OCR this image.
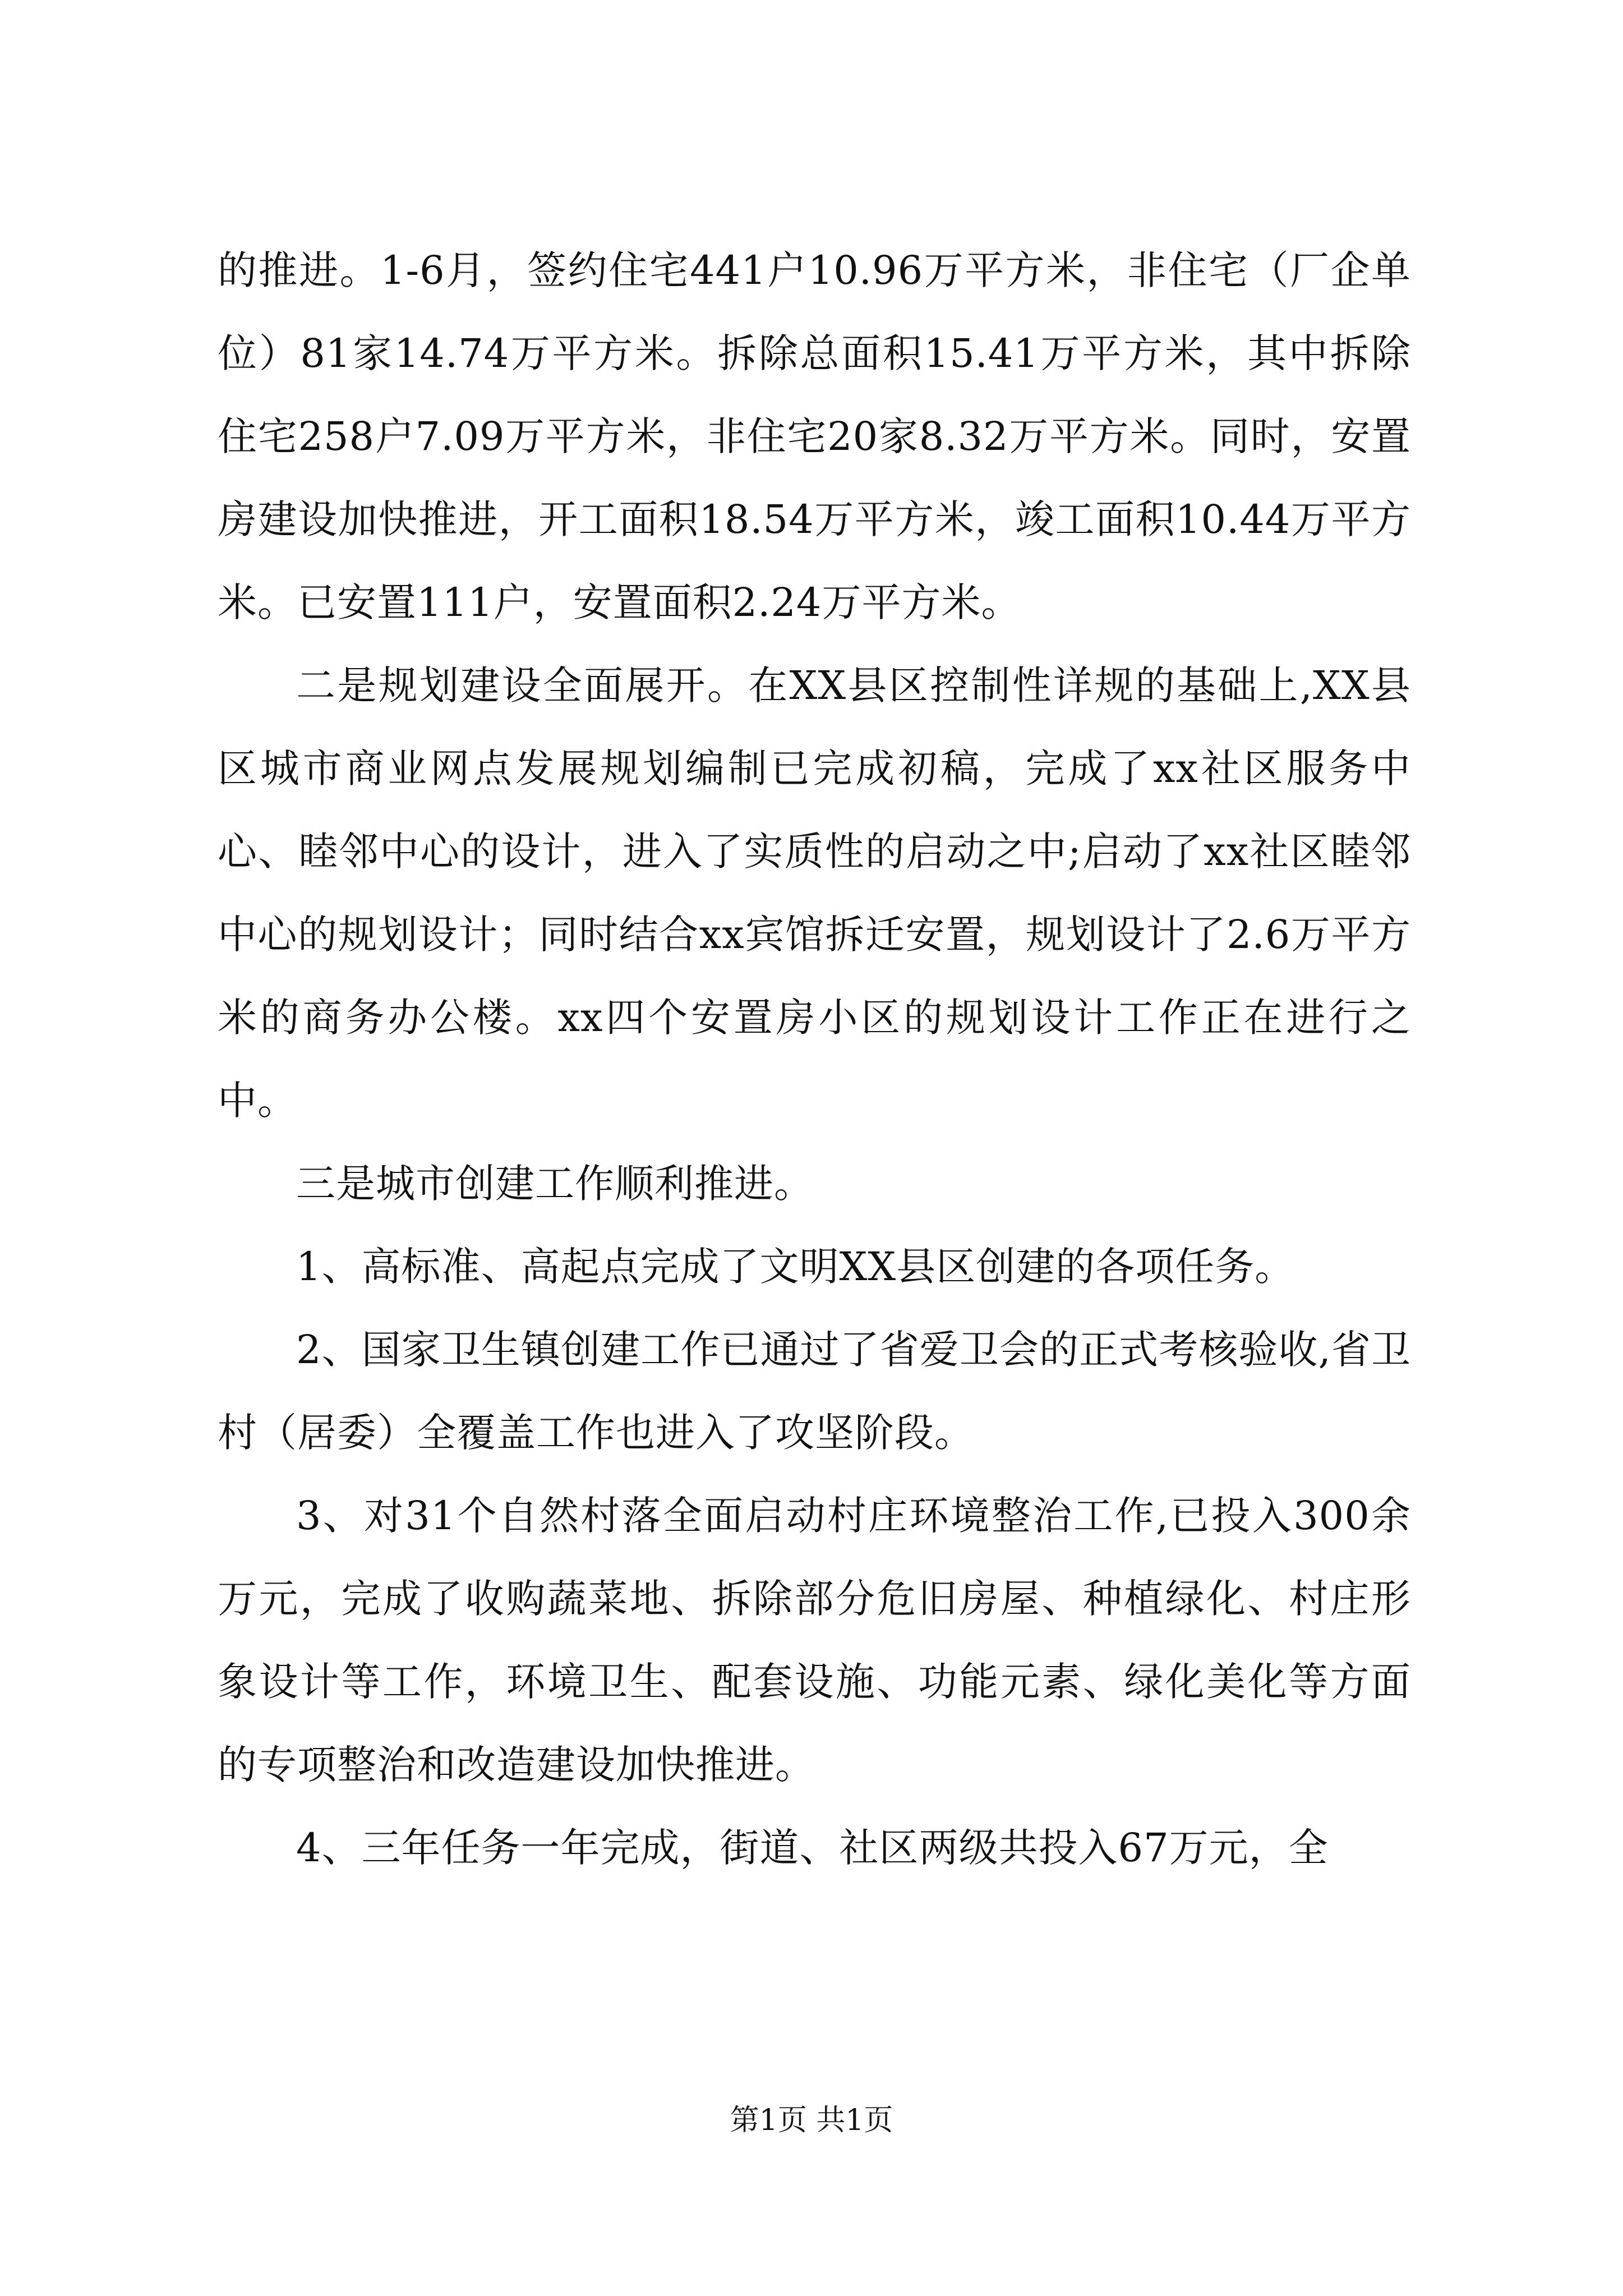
的推进。1-6月，签约住宅441户10.96万平方米，非住宅（厂企单位）81家14.74万平方米。拆除总面积15.41万平方米，其中拆除住宅258户7.09万平方米，非住宅20家8.32万平方米。同时，安置房建设加快推进，开工面积18.54万平方米，竣工面积10.44万平方米。已安置111户，安置面积2.24万平方米。

二是规划建设全面展开。在XX县区控制性详规的基础上,XX县区城市商业网点发展规划编制已完成初稿，完成了xx社区服务中心、睦邻中心的设计，进入了实质性的启动之中;启动了xx社区睦邻中心的规划设计；同时结合xx宾馆拆迁安置，规划设计了2.6万平方米的商务办公楼。xx四个安置房小区的规划设计工作正在进行之中。

三是城市创建工作顺利推进。

1、高标准、高起点完成了文明XX县区创建的各项任务。

2、国家卫生镇创建工作已通过了省爱卫会的正式考核验收,省卫村（居委）全覆盖工作也进入了攻坚阶段。

3、对31个自然村落全面启动村庄环境整治工作,已投入300余万元，完成了收购蔬菜地、拆除部分危旧房屋、种植绿化、村庄形象设计等工作，环境卫生、配套设施、功能元素、绿化美化等方面的专项整治和改造建设加快推进。

4、三年任务一年完成，街道、社区两级共投入67万元，全

第1页 共1页
